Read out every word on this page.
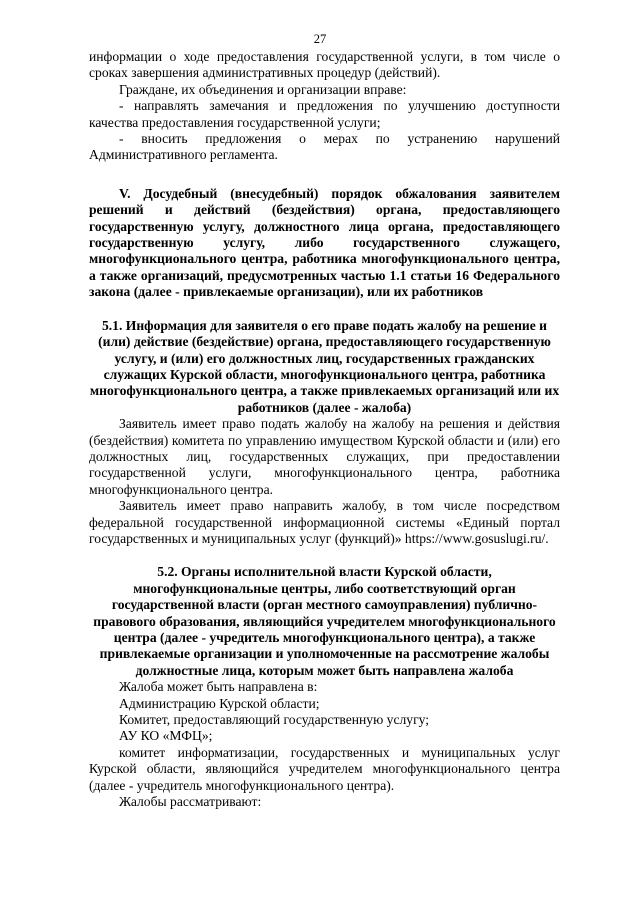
27

информации о ходе предоставления государственной услуги, в том числе о сроках завершения административных процедур (действий).

Граждане, их объединения и организации вправе:

- направлять замечания и предложения по улучшению доступности качества предоставления государственной услуги;

- вносить предложения о мерах по устранению нарушений Административного регламента.

V. Досудебный (внесудебный) порядок обжалования заявителем решений и действий (бездействия) органа, предоставляющего государственную услугу, должностного лица органа, предоставляющего государственную услугу, либо государственного служащего, многофункционального центра, работника многофункционального центра, а также организаций, предусмотренных частью 1.1 статьи 16 Федерального закона (далее - привлекаемые организации), или их работников

5.1. Информация для заявителя о его праве подать жалобу на решение и (или) действие (бездействие) органа, предоставляющего государственную услугу, и (или) его должностных лиц, государственных гражданских служащих Курской области, многофункционального центра, работника многофункционального центра, а также привлекаемых организаций или их работников (далее - жалоба)

Заявитель имеет право подать жалобу на жалобу на решения и действия (бездействия) комитета по управлению имуществом Курской области и (или) его должностных лиц, государственных служащих, при предоставлении государственной услуги, многофункционального центра, работника многофункционального центра.

Заявитель имеет право направить жалобу, в том числе посредством федеральной государственной информационной системы «Единый портал государственных и муниципальных услуг (функций)» https://www.gosuslugi.ru/.

5.2. Органы исполнительной власти Курской области, многофункциональные центры, либо соответствующий орган государственной власти (орган местного самоуправления) публично-правового образования, являющийся учредителем многофункционального центра (далее - учредитель многофункционального центра), а также привлекаемые организации и уполномоченные на рассмотрение жалобы должностные лица, которым может быть направлена жалоба

Жалоба может быть направлена в:

Администрацию Курской области;

Комитет, предоставляющий государственную услугу;

АУ КО «МФЦ»;

комитет информатизации, государственных и муниципальных услуг Курской области, являющийся учредителем многофункционального центра (далее - учредитель многофункционального центра).

Жалобы рассматривают:
